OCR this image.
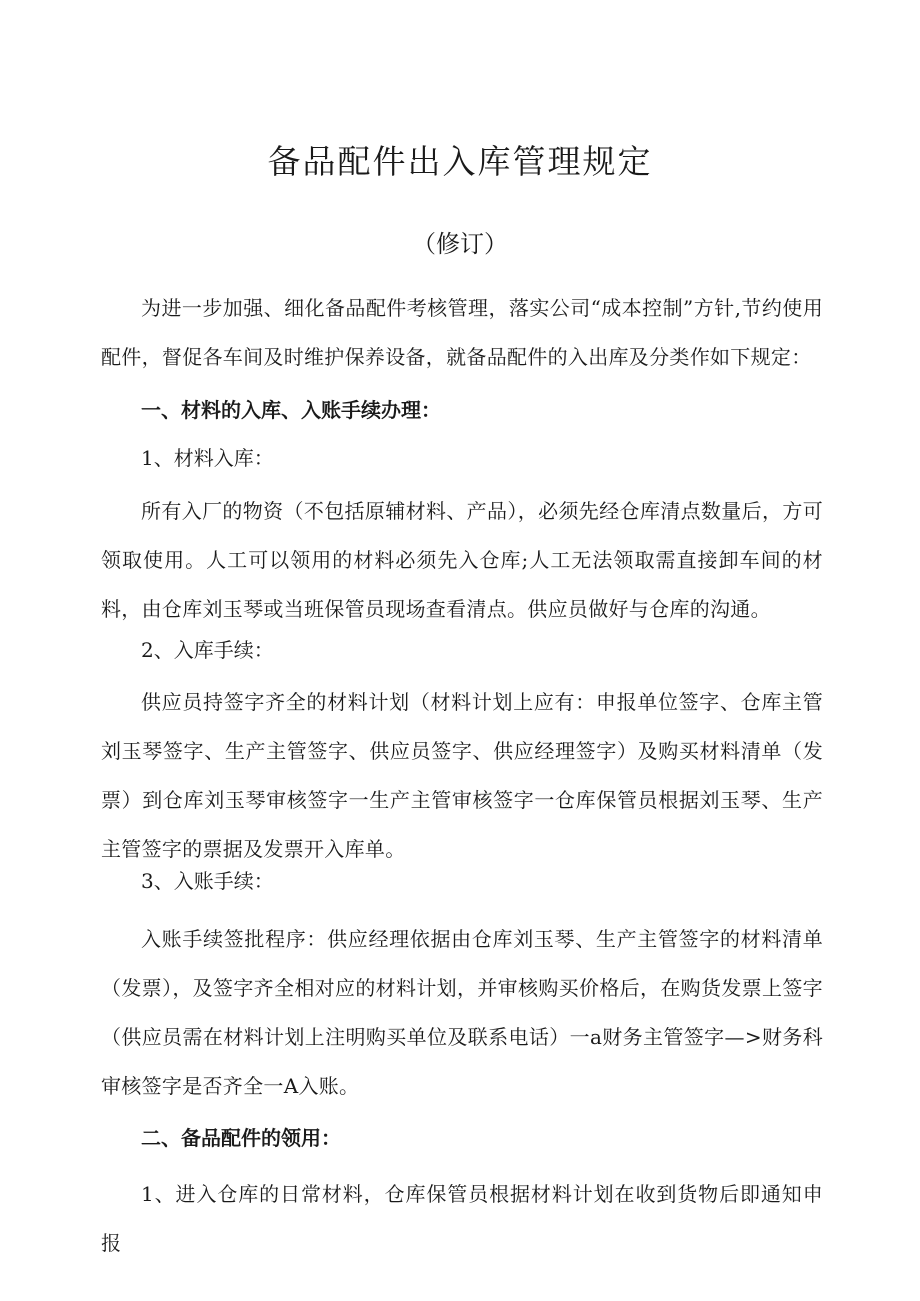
备品配件出入库管理规定
（修订）

为进一步加强、细化备品配件考核管理，落实公司“成本控制”方针,节约使用配件，督促各车间及时维护保养设备，就备品配件的入出库及分类作如下规定：

一、材料的入库、入账手续办理：

1、材料入库：

所有入厂的物资（不包括原辅材料、产品），必须先经仓库清点数量后，方可领取使用。人工可以领用的材料必须先入仓库;人工无法领取需直接卸车间的材料，由仓库刘玉琴或当班保管员现场查看清点。供应员做好与仓库的沟通。

2、入库手续：

供应员持签字齐全的材料计划（材料计划上应有：申报单位签字、仓库主管刘玉琴签字、生产主管签字、供应员签字、供应经理签字）及购买材料清单（发票）到仓库刘玉琴审核签字一生产主管审核签字一仓库保管员根据刘玉琴、生产主管签字的票据及发票开入库单。

3、入账手续：

入账手续签批程序：供应经理依据由仓库刘玉琴、生产主管签字的材料清单（发票），及签字齐全相对应的材料计划，并审核购买价格后，在购货发票上签字（供应员需在材料计划上注明购买单位及联系电话）一a财务主管签字—>财务科审核签字是否齐全一A入账。

二、备品配件的领用：

1、进入仓库的日常材料，仓库保管员根据材料计划在收到货物后即通知申报
